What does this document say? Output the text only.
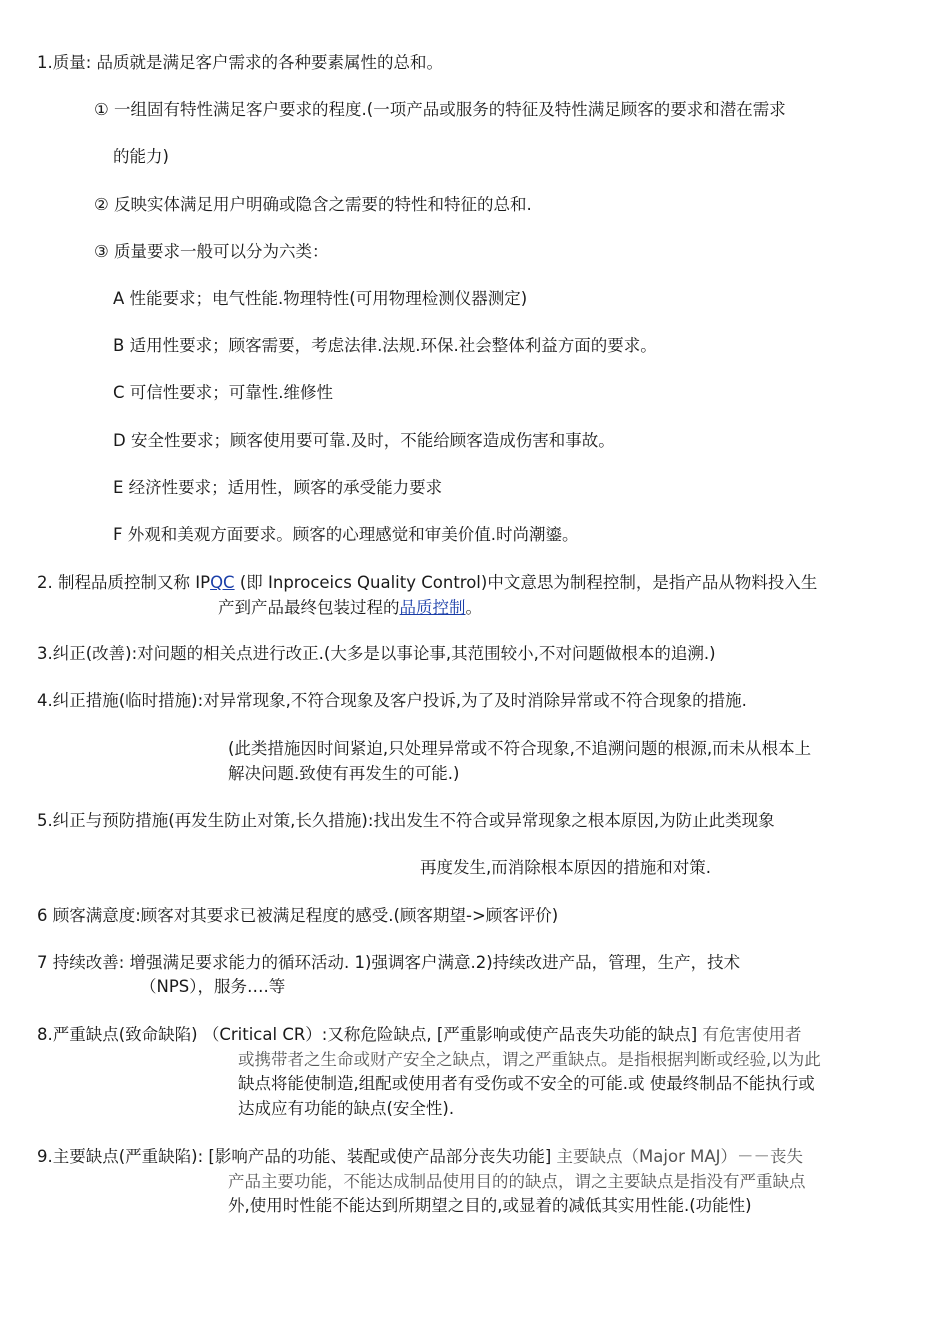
1.质量: 品质就是满足客户需求的各种要素属性的总和。
① 一组固有特性满足客户要求的程度.(一项产品或服务的特征及特性满足顾客的要求和潜在需求
的能力)
② 反映实体满足用户明确或隐含之需要的特性和特征的总和.
③ 质量要求一般可以分为六类：
A 性能要求；电气性能.物理特性(可用物理检测仪器测定)
B 适用性要求；顾客需要，考虑法律.法规.环保.社会整体利益方面的要求。
C 可信性要求；可靠性.维修性
D 安全性要求；顾客使用要可靠.及时，不能给顾客造成伤害和事故。
E 经济性要求；适用性，顾客的承受能力要求
F 外观和美观方面要求。顾客的心理感觉和审美价值.时尚潮鎏。
2. 制程品质控制又称 IPQC (即 Inproceics Quality Control)中文意思为制程控制，是指产品从物料投入生
产到产品最终包装过程的品质控制。
3.纠正(改善):对问题的相关点进行改正.(大多是以事论事,其范围较小,不对问题做根本的追溯.)
4.纠正措施(临时措施):对异常现象,不符合现象及客户投诉,为了及时消除异常或不符合现象的措施.
(此类措施因时间紧迫,只处理异常或不符合现象,不追溯问题的根源,而未从根本上
解决问题.致使有再发生的可能.)
5.纠正与预防措施(再发生防止对策,长久措施):找出发生不符合或异常现象之根本原因,为防止此类现象
再度发生,而消除根本原因的措施和对策.
6 顾客满意度:顾客对其要求已被满足程度的感受.(顾客期望->顾客评价)
7 持续改善: 增强满足要求能力的循环活动. 1)强调客户满意.2)持续改进产品，管理，生产，技术
（NPS），服务….等
8.严重缺点(致命缺陷) （Critical CR）:又称危险缺点, [严重影响或使产品丧失功能的缺点] 有危害使用者
或携带者之生命或财产安全之缺点，谓之严重缺点。是指根据判断或经验,以为此
缺点将能使制造,组配或使用者有受伤或不安全的可能.或 使最终制品不能执行或
达成应有功能的缺点(安全性).
9.主要缺点(严重缺陷): [影响产品的功能、装配或使产品部分丧失功能] 主要缺点（Major MAJ）－－丧失
产品主要功能，不能达成制品使用目的的缺点，谓之主要缺点是指没有严重缺点
外,使用时性能不能达到所期望之目的,或显着的减低其实用性能.(功能性)
